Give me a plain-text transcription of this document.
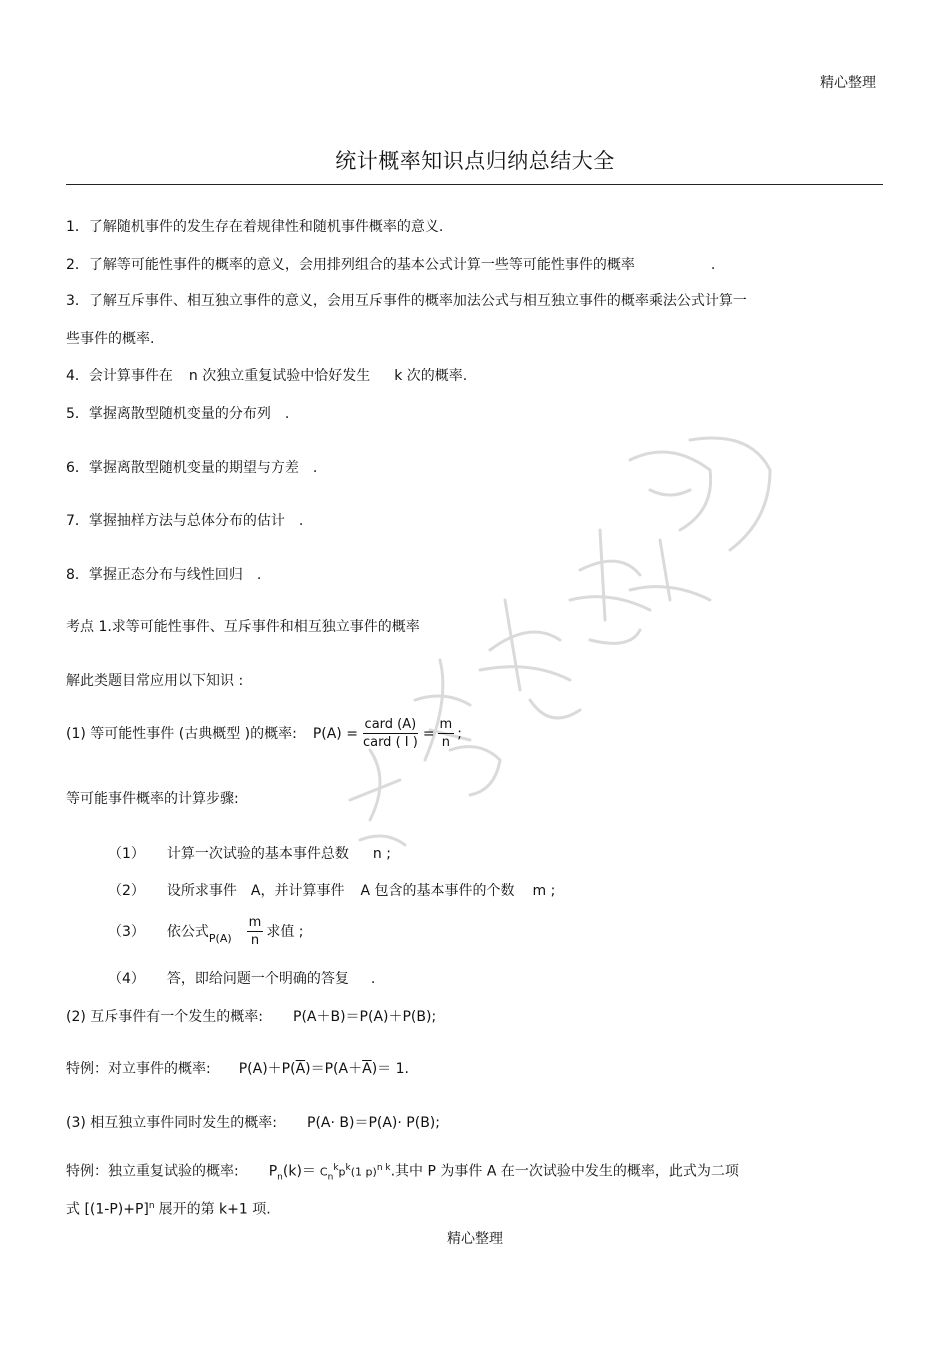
精心整理
统计概率知识点归纳总结大全
1．了解随机事件的发生存在着规律性和随机事件概率的意义.
2．了解等可能性事件的概率的意义，会用排列组合的基本公式计算一些等可能性事件的概率	.
3．了解互斥事件、相互独立事件的意义，会用互斥事件的概率加法公式与相互独立事件的概率乘法公式计算一
些事件的概率.
4．会计算事件在 n 次独立重复试验中恰好发生 k 次的概率.
5．掌握离散型随机变量的分布列 .
6．掌握离散型随机变量的期望与方差 .
7．掌握抽样方法与总体分布的估计 .
8．掌握正态分布与线性回归 .
考点 1.求等可能性事件、互斥事件和相互独立事件的概率
解此类题目常应用以下知识 :
(1) 等可能性事件 (古典概型 )的概率: $P(A) = \frac{\text{card (A)}}{\text{card ( I )}} = \frac{m}{n}$ ;
等可能事件概率的计算步骤:
（1） 计算一次试验的基本事件总数 n ;
（2） 设所求事件 A，并计算事件 A 包含的基本事件的个数 m ;
（3） 依公式 $P(A) \frac{m}{n}$ 求值 ;
（4） 答，即给问题一个明确的答复 .
(2) 互斥事件有一个发生的概率: P(A＋B)＝P(A)＋P(B);
特例：对立事件的概率: $P(A)+P(\overline{A})=P(A+\overline{A})= 1$.
(3) 相互独立事件同时发生的概率: P(A· B)＝P(A)· P(B);
特例：独立重复试验的概率: $P_n(k)= C_n^kp^k(1$ p)$^{n k}$.其中 P 为事件 A 在一次试验中发生的概率，此式为二项
式 $[(1-P)+P]^n$ 展开的第 k+1 项.
精心整理
